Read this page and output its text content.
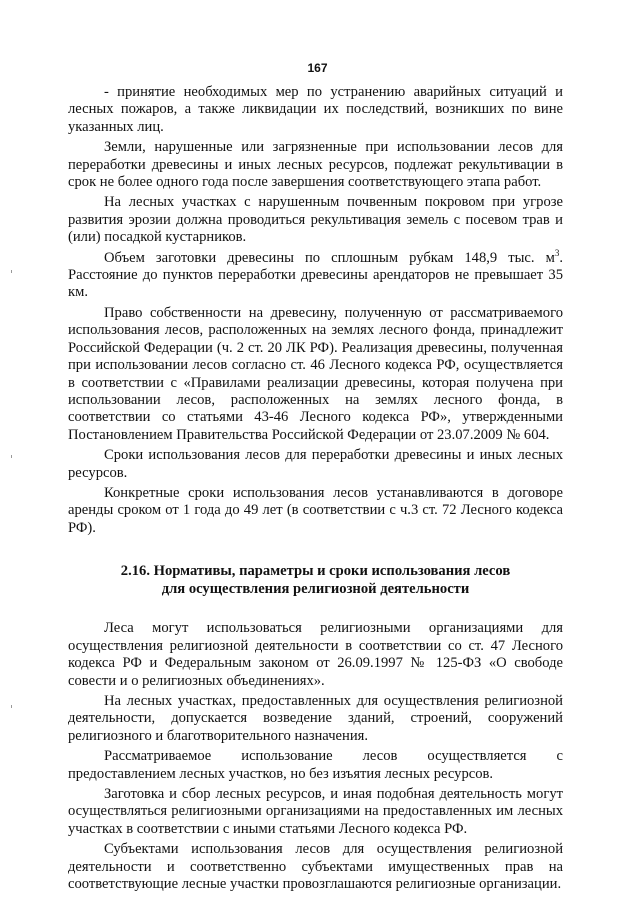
167

- принятие необходимых мер по устранению аварийных ситуаций и лесных пожаров, а также ликвидации их последствий, возникших по вине указанных лиц.

Земли, нарушенные или загрязненные при использовании лесов для переработки древесины и иных лесных ресурсов, подлежат рекультивации в срок не более одного года после завершения соответствующего этапа работ.

На лесных участках с нарушенным почвенным покровом при угрозе развития эрозии должна проводиться рекультивация земель с посевом трав и (или) посадкой кустарников.

Объем заготовки древесины по сплошным рубкам 148,9 тыс. $м^3$. Расстояние до пунктов переработки древесины арендаторов не превышает 35 км.

Право собственности на древесину, полученную от рассматриваемого использования лесов, расположенных на землях лесного фонда, принадлежит Российской Федерации (ч. 2 ст. 20 ЛК РФ). Реализация древесины, полученная при использовании лесов согласно ст. 46 Лесного кодекса РФ, осуществляется в соответствии с «Правилами реализации древесины, которая получена при использовании лесов, расположенных на землях лесного фонда, в соответствии со статьями 43-46 Лесного кодекса РФ», утвержденными Постановлением Правительства Российской Федерации от 23.07.2009 № 604.

Сроки использования лесов для переработки древесины и иных лесных ресурсов.

Конкретные сроки использования лесов устанавливаются в договоре аренды сроком от 1 года до 49 лет (в соответствии с ч.3 ст. 72 Лесного кодекса РФ).

2.16. Нормативы, параметры и сроки использования лесов
для осуществления религиозной деятельности

Леса могут использоваться религиозными организациями для осуществления религиозной деятельности в соответствии со ст. 47 Лесного кодекса РФ и Федеральным законом от 26.09.1997 № 125-ФЗ «О свободе совести и о религиозных объединениях».

На лесных участках, предоставленных для осуществления религиозной деятельности, допускается возведение зданий, строений, сооружений религиозного и благотворительного назначения.

Рассматриваемое использование лесов осуществляется с предоставлением лесных участков, но без изъятия лесных ресурсов.

Заготовка и сбор лесных ресурсов, и иная подобная деятельность могут осуществляться религиозными организациями на предоставленных им лесных участках в соответствии с иными статьями Лесного кодекса РФ.

Субъектами использования лесов для осуществления религиозной деятельности и соответственно субъектами имущественных прав на соответствующие лесные участки провозглашаются религиозные организации.
